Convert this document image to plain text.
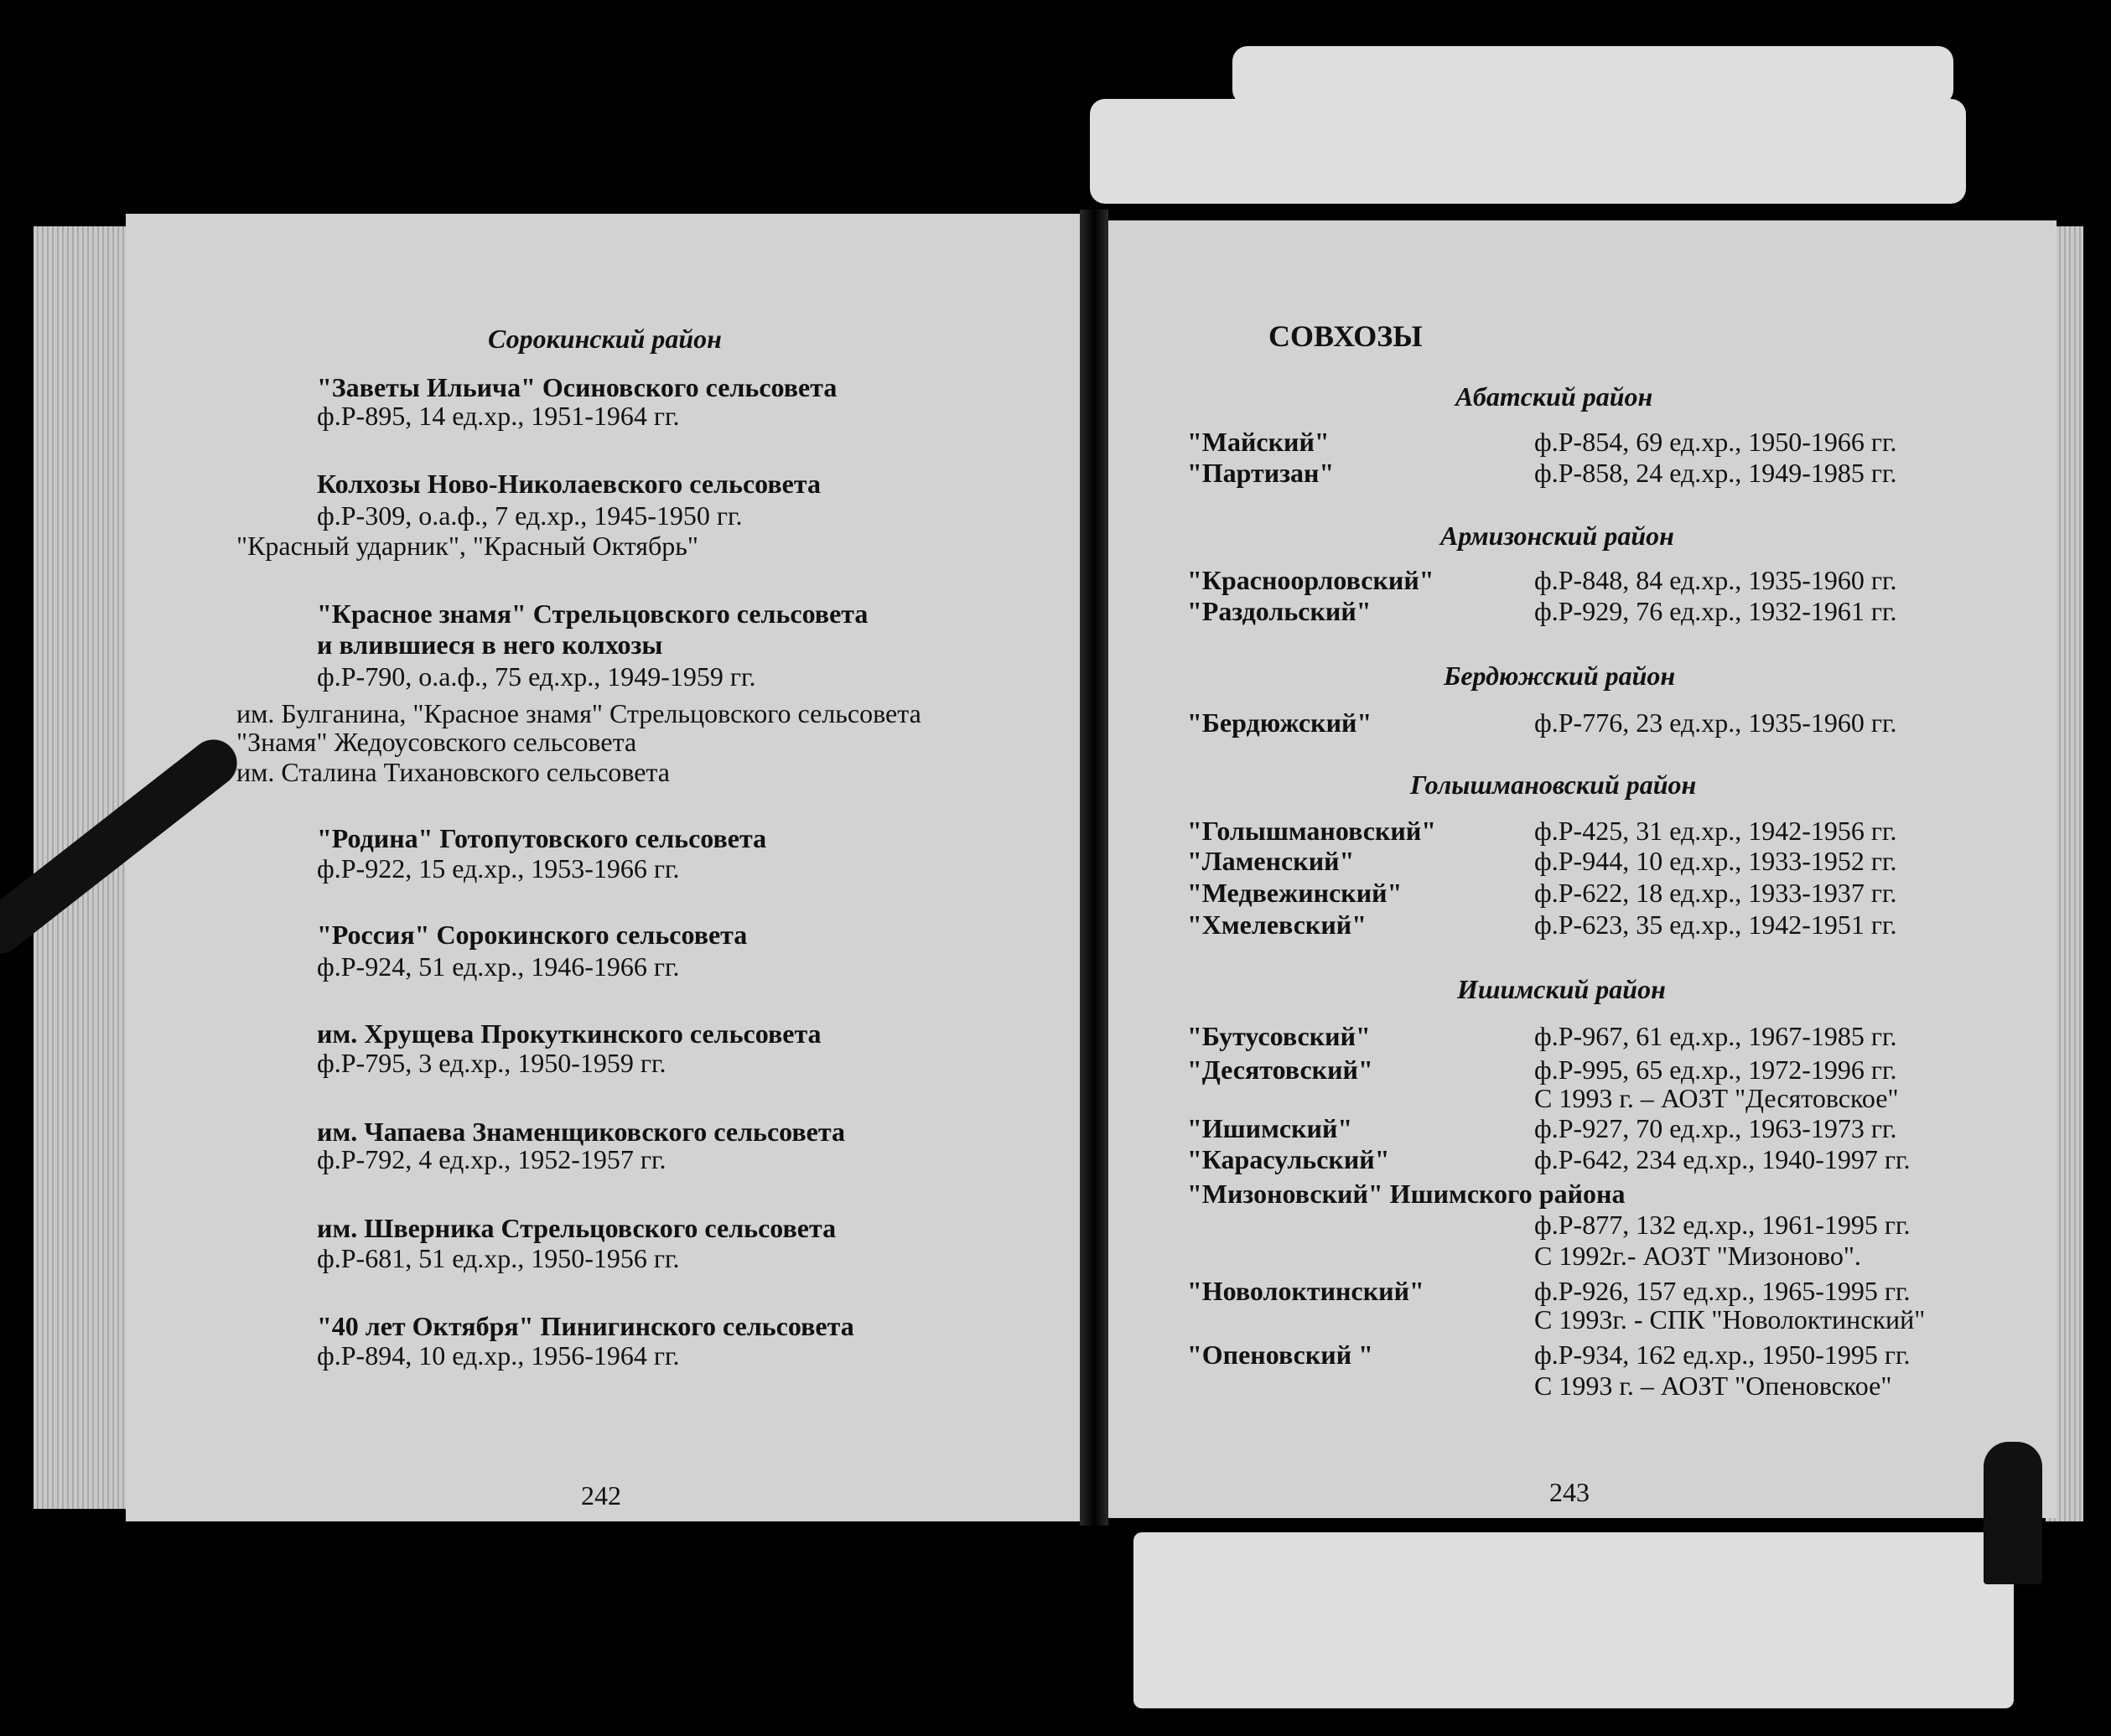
Сорокинский район
"Заветы Ильича" Осиновского сельсовета
ф.Р-895, 14 ед.хр., 1951-1964 гг.
Колхозы Ново-Николаевского сельсовета
ф.Р-309, о.а.ф., 7 ед.хр., 1945-1950 гг.
"Красный ударник", "Красный Октябрь"
"Красное знамя" Стрельцовского сельсовета
и влившиеся в него колхозы
ф.Р-790, о.а.ф., 75 ед.хр., 1949-1959 гг.
им. Булганина, "Красное знамя" Стрельцовского сельсовета
"Знамя" Жедоусовского сельсовета
им. Сталина Тихановского сельсовета
"Родина" Готопутовского сельсовета
ф.Р-922, 15 ед.хр., 1953-1966 гг.
"Россия" Сорокинского сельсовета
ф.Р-924, 51 ед.хр., 1946-1966 гг.
им. Хрущева Прокуткинского сельсовета
ф.Р-795, 3 ед.хр., 1950-1959 гг.
им. Чапаева Знаменщиковского сельсовета
ф.Р-792, 4 ед.хр., 1952-1957 гг.
им. Шверника Стрельцовского сельсовета
ф.Р-681, 51 ед.хр., 1950-1956 гг.
"40 лет Октября" Пинигинского сельсовета
ф.Р-894, 10 ед.хр., 1956-1964 гг.
242
СОВХОЗЫ
Абатский район
"Майский"	ф.Р-854, 69 ед.хр., 1950-1966 гг.
"Партизан"	ф.Р-858, 24 ед.хр., 1949-1985 гг.
Армизонский район
"Красноорловский"	ф.Р-848, 84 ед.хр., 1935-1960 гг.
"Раздольский"	ф.Р-929, 76 ед.хр., 1932-1961 гг.
Бердюжский район
"Бердюжский"	ф.Р-776, 23 ед.хр., 1935-1960 гг.
Голышмановский район
"Голышмановский"	ф.Р-425, 31 ед.хр., 1942-1956 гг.
"Ламенский"	ф.Р-944, 10 ед.хр., 1933-1952 гг.
"Медвежинский"	ф.Р-622, 18 ед.хр., 1933-1937 гг.
"Хмелевский"	ф.Р-623, 35 ед.хр., 1942-1951 гг.
Ишимский район
"Бутусовский"	ф.Р-967, 61 ед.хр., 1967-1985 гг.
"Десятовский"	ф.Р-995, 65 ед.хр., 1972-1996 гг.
С 1993 г. – АОЗТ "Десятовское"
"Ишимский"	ф.Р-927, 70 ед.хр., 1963-1973 гг.
"Карасульский"	ф.Р-642, 234 ед.хр., 1940-1997 гг.
"Мизоновский" Ишимского района
ф.Р-877, 132 ед.хр., 1961-1995 гг.
С 1992г.- АОЗТ "Мизоново".
"Новолоктинский"	ф.Р-926, 157 ед.хр., 1965-1995 гг.
С 1993г. - СПК "Новолоктинский"
"Опеновский "	ф.Р-934, 162 ед.хр., 1950-1995 гг.
С 1993 г. – АОЗТ "Опеновское"
243
